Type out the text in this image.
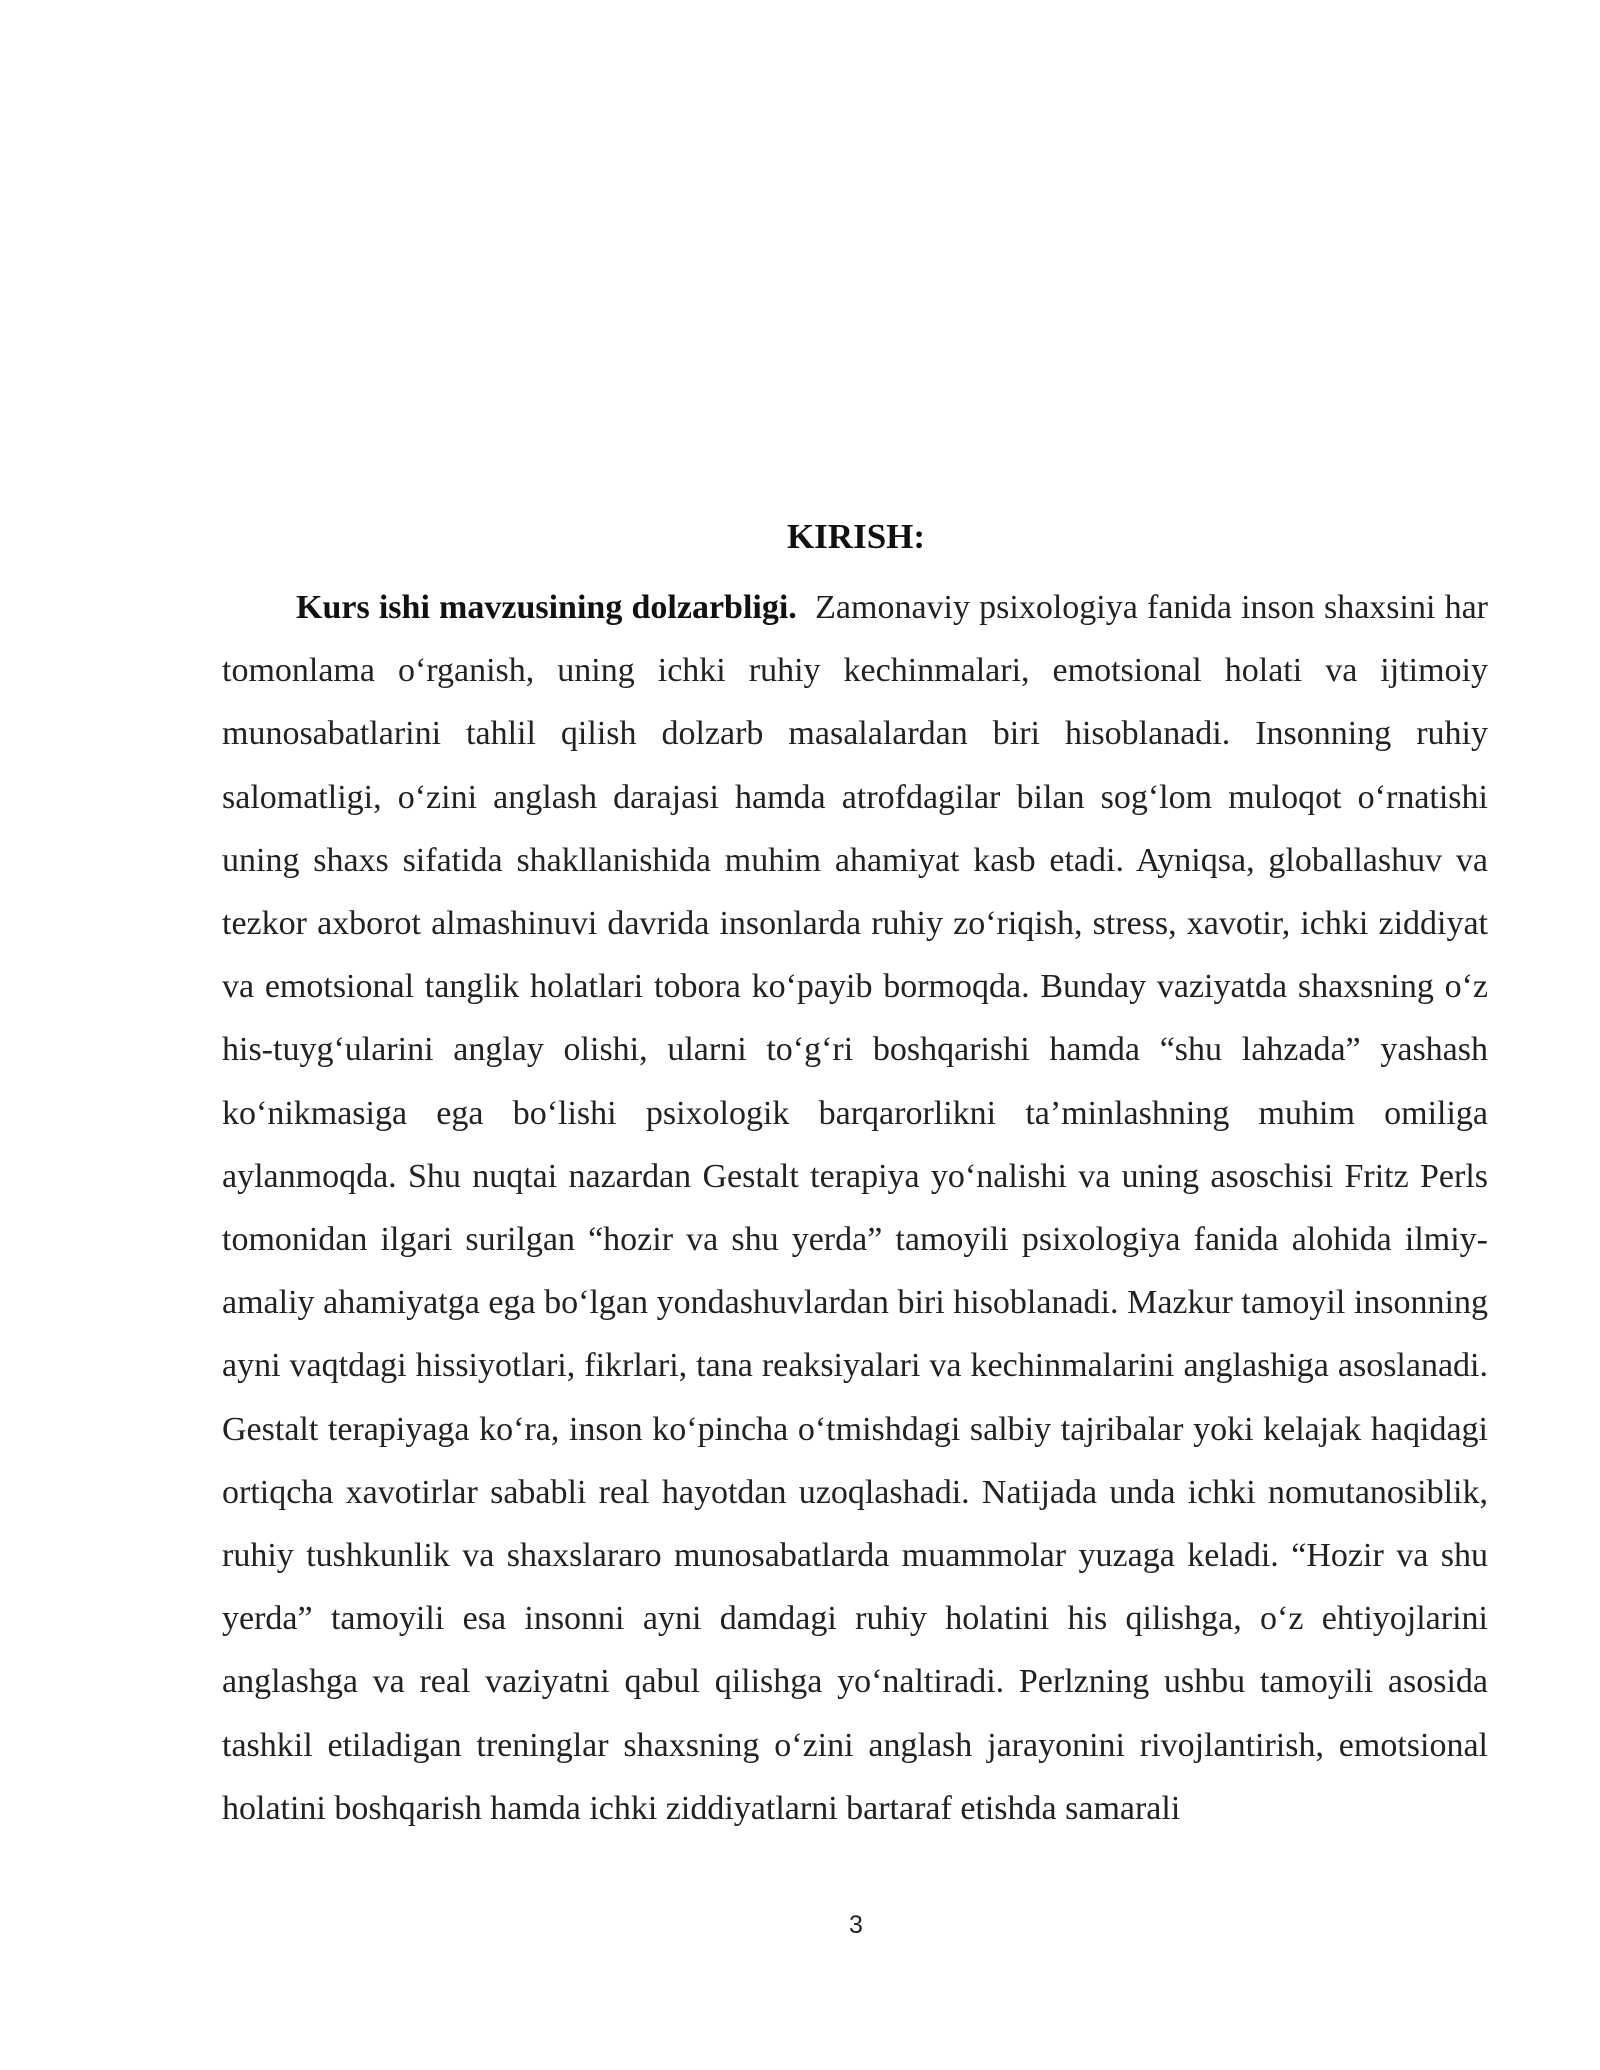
KIRISH:

Kurs ishi mavzusining dolzarbligi. Zamonaviy psixologiya fanida inson shaxsini har tomonlama o‘rganish, uning ichki ruhiy kechinmalari, emotsional holati va ijtimoiy munosabatlarini tahlil qilish dolzarb masalalardan biri hisoblanadi. Insonning ruhiy salomatligi, o‘zini anglash darajasi hamda atrofdagilar bilan sog‘lom muloqot o‘rnatishi uning shaxs sifatida shakllanishida muhim ahamiyat kasb etadi. Ayniqsa, globallashuv va tezkor axborot almashinuvi davrida insonlarda ruhiy zo‘riqish, stress, xavotir, ichki ziddiyat va emotsional tanglik holatlari tobora ko‘payib bormoqda. Bunday vaziyatda shaxsning o‘z his-tuyg‘ularini anglay olishi, ularni to‘g‘ri boshqarishi hamda “shu lahzada” yashash ko‘nikmasiga ega bo‘lishi psixologik barqarorlikni ta’minlashning muhim omiliga aylanmoqda. Shu nuqtai nazardan Gestalt terapiya yo‘nalishi va uning asoschisi Fritz Perls tomonidan ilgari surilgan “hozir va shu yerda” tamoyili psixologiya fanida alohida ilmiy-amaliy ahamiyatga ega bo‘lgan yondashuvlardan biri hisoblanadi. Mazkur tamoyil insonning ayni vaqtdagi hissiyotlari, fikrlari, tana reaksiyalari va kechinmalarini anglashiga asoslanadi. Gestalt terapiyaga ko‘ra, inson ko‘pincha o‘tmishdagi salbiy tajribalar yoki kelajak haqidagi ortiqcha xavotirlar sababli real hayotdan uzoqlashadi. Natijada unda ichki nomutanosiblik, ruhiy tushkunlik va shaxslararo munosabatlarda muammolar yuzaga keladi. “Hozir va shu yerda” tamoyili esa insonni ayni damdagi ruhiy holatini his qilishga, o‘z ehtiyojlarini anglashga va real vaziyatni qabul qilishga yo‘naltiradi. Perlzning ushbu tamoyili asosida tashkil etiladigan treninglar shaxsning o‘zini anglash jarayonini rivojlantirish, emotsional holatini boshqarish hamda ichki ziddiyatlarni bartaraf etishda samarali

3
